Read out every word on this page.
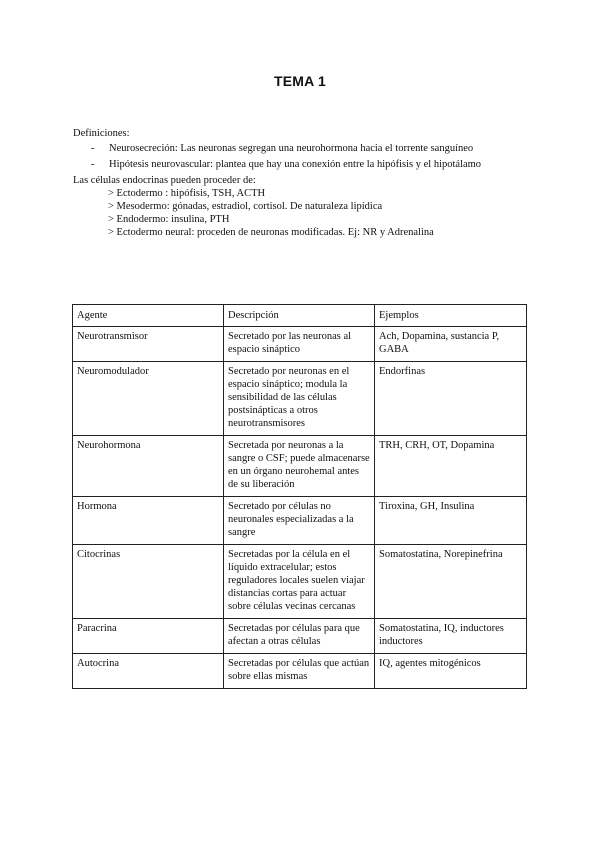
TEMA 1

Definiciones:

- Neurosecreción: Las neuronas segregan una neurohormona hacia el torrente sanguíneo
- Hipótesis neurovascular: plantea que hay una conexión entre la hipófisis y el hipotálamo

Las células endocrinas pueden proceder de:

> Ectodermo : hipófisis, TSH, ACTH

> Mesodermo: gónadas, estradiol, cortisol. De naturaleza lipídica

> Endodermo: insulina, PTH

> Ectodermo neural: proceden de neuronas modificadas. Ej: NR y Adrenalina

Agente	Descripción	Ejemplos
Neurotransmisor	Secretado por las neuronas al espacio sináptico	Ach, Dopamina, sustancia P, GABA
Neuromodulador	Secretado por neuronas en el espacio sináptico; modula la sensibilidad de las células postsinápticas a otros neurotransmisores	Endorfinas
Neurohormona	Secretada por neuronas a la sangre o CSF; puede almacenarse en un órgano neurohemal antes de su liberación	TRH, CRH, OT, Dopamina
Hormona	Secretado por células no neuronales especializadas a la sangre	Tiroxina, GH, Insulina
Citocrinas	Secretadas por la célula en el líquido extracelular; estos reguladores locales suelen viajar distancias cortas para actuar sobre células vecinas cercanas	Somatostatina, Norepinefrina
Paracrina	Secretadas por células para que afectan a otras células	Somatostatina, IQ, inductores inductores
Autocrina	Secretadas por células que actúan sobre ellas mismas	IQ, agentes mitogénicos
